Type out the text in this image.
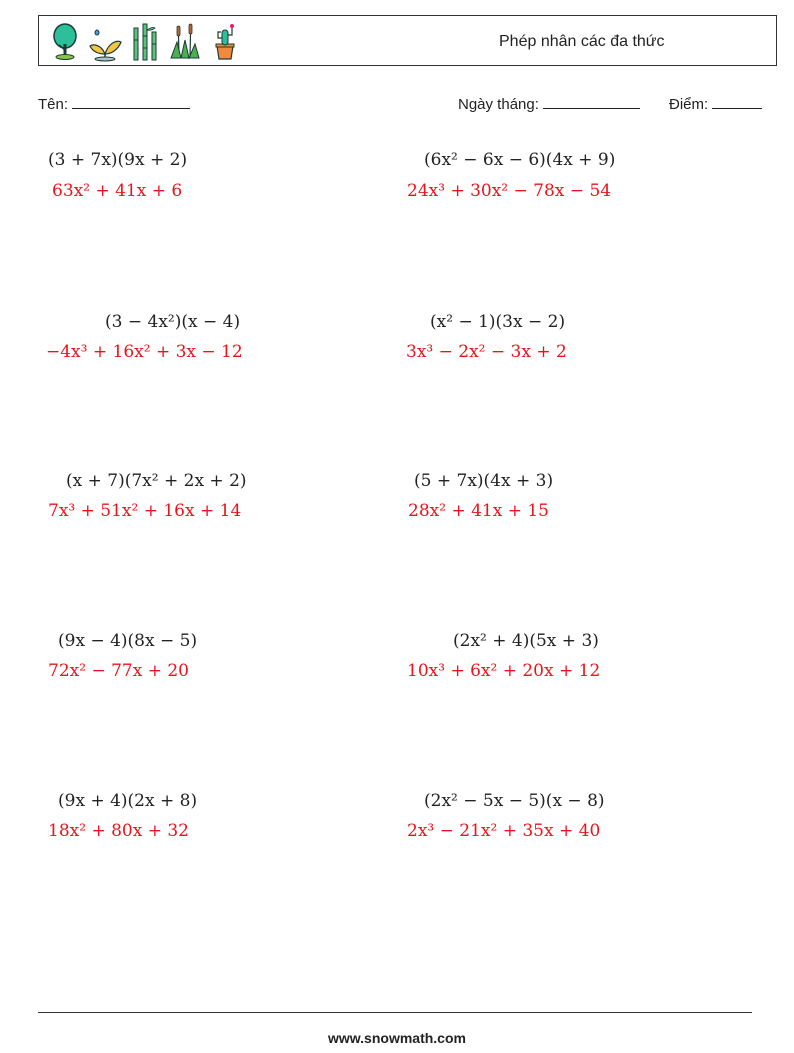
Phép nhân các đa thức
Tên:	Ngày tháng:	Điểm:
(3 + 7x)(9x + 2)
63x² + 41x + 6
(6x² − 6x − 6)(4x + 9)
24x³ + 30x² − 78x − 54
(3 − 4x²)(x − 4)
−4x³ + 16x² + 3x − 12
(x² − 1)(3x − 2)
3x³ − 2x² − 3x + 2
(x + 7)(7x² + 2x + 2)
7x³ + 51x² + 16x + 14
(5 + 7x)(4x + 3)
28x² + 41x + 15
(9x − 4)(8x − 5)
72x² − 77x + 20
(2x² + 4)(5x + 3)
10x³ + 6x² + 20x + 12
(9x + 4)(2x + 8)
18x² + 80x + 32
(2x² − 5x − 5)(x − 8)
2x³ − 21x² + 35x + 40
www.snowmath.com
